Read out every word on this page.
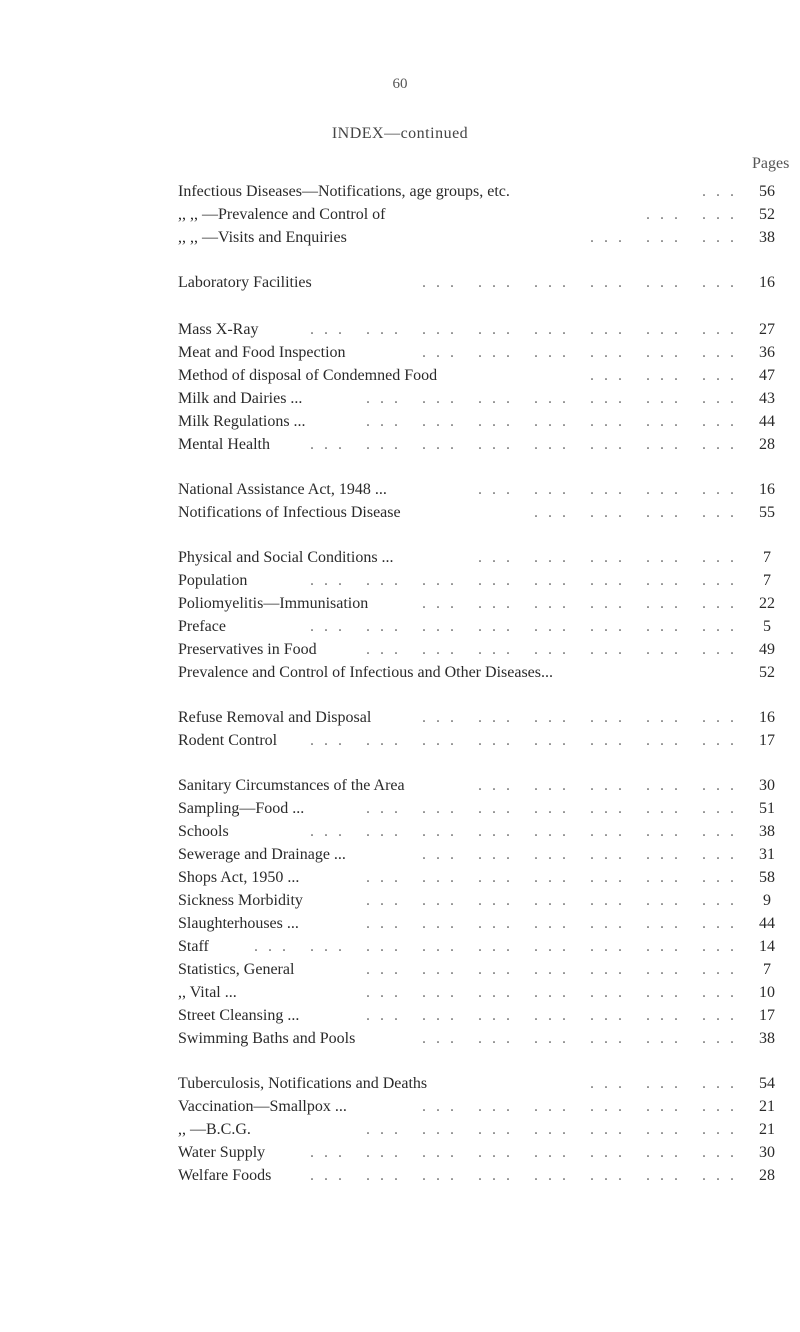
60
INDEX—continued
Pages
Infectious Diseases—Notifications, age groups, etc.	... 56
,, ,, —Prevalence and Control of	... ... 52
,, ,, —Visits and Enquiries	... ... ... 38
Laboratory Facilities	... ... ... ... ... ... 16
Mass X-Ray	... ... ... ... ... ... ... ... 27
Meat and Food Inspection	... ... ... ... ... ... 36
Method of disposal of Condemned Food	... ... ... 47
Milk and Dairies ...	... ... ... ... ... ... ... 43
Milk Regulations ...	... ... ... ... ... ... ... 44
Mental Health	... ... ... ... ... ... ... ... 28
National Assistance Act, 1948 ...	... ... ... ... ... 16
Notifications of Infectious Disease	... ... ... ... 55
Physical and Social Conditions ...	... ... ... ... ...	7
Population	... ... ... ... ... ... ... ...	7
Poliomyelitis—Immunisation	... ... ... ... ... ... 22
Preface	... ... ... ... ... ... ... ...	5
Preservatives in Food	... ... ... ... ... ... ... 49
Prevalence and Control of Infectious and Other Diseases...	52
Refuse Removal and Disposal	... ... ... ... ... ... 16
Rodent Control	... ... ... ... ... ... ... ... 17
Sanitary Circumstances of the Area	... ... ... ... ... 30
Sampling—Food ...	... ... ... ... ... ... ... 51
Schools	... ... ... ... ... ... ... ... 38
Sewerage and Drainage ...	... ... ... ... ... ... 31
Shops Act, 1950 ...	... ... ... ... ... ... ... 58
Sickness Morbidity	... ... ... ... ... ... ...	9
Slaughterhouses ...	... ... ... ... ... ... ... 44
Staff	... ... ... ... ... ... ... ... ... 14
Statistics, General	... ... ... ... ... ... ...	7
,, Vital ...	... ... ... ... ... ... ... 10
Street Cleansing ...	... ... ... ... ... ... ... 17
Swimming Baths and Pools	... ... ... ... ... ... 38
Tuberculosis, Notifications and Deaths	... ... ... 54
Vaccination—Smallpox ...	... ... ... ... ... ... 21
,, —B.C.G.	... ... ... ... ... ... ... 21
Water Supply	... ... ... ... ... ... ... ... 30
Welfare Foods	... ... ... ... ... ... ... ... 28
